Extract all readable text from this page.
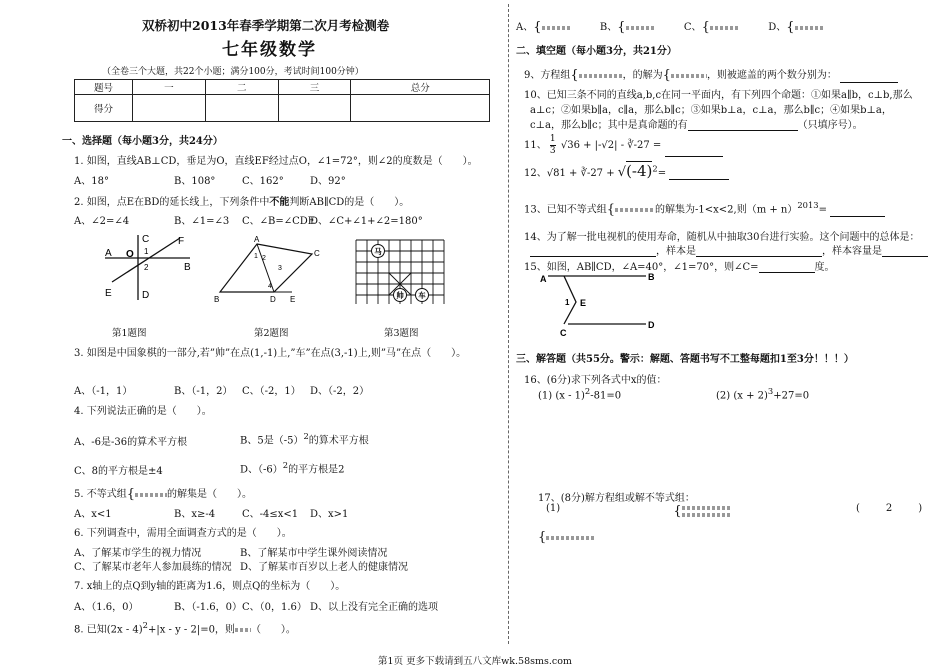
双桥初中2013年春季学期第二次月考检测卷
七年级数学
（全卷三个大题，共22个小题；满分100分，考试时间100分钟）
题号	一	二	三	总分
得分				
一、选择题（每小题3分，共24分）
1. 如图，直线AB⊥CD，垂足为O，直线EF经过点O，∠1=72°，则∠2的度数是（　　）。
A、18°	B、108°	C、162°	D、92°
2. 如图，点E在BD的延长线上，下列条件中不能判断AB∥CD的是（　　）。
A、∠2=∠4	B、∠1=∠3 C、∠B=∠CDE
D、∠C+∠1+∠2=180°
A
B
C
D
E
F
O 1
2
第1题图
A
B
C
D E
1 2
3
4
第2题图
马
帅 车
第3题图
3. 如图是中国象棋的一部分,若”帅”在点(1,-1)上,”车”在点(3,-1)上,则”马”在点（　　）。
A、（-1，1）	B、（-1，2） C、（-2，1） D、（-2，2）
4. 下列说法正确的是（　　）。
A、-6是-36的算术平方根	B、5是$(-5)^2$的算术平方根
C、8的平方根是±4	D、$(-6)^2$的平方根是2
5. 不等式组{	的解集是（　　）。
A、x<1	B、x≥-4	C、-4≤x<1 D、x>1
6. 下列调查中，需用全面调查方式的是（　　）。
A、了解某市学生的视力情况	B、了解某市中学生课外阅读情况
C、了解某市老年人参加晨练的情况 D、了解某市百岁以上老人的健康情况
7. x轴上的点Q到y轴的距离为1.6，则点Q的坐标为（　　）。
A、（1.6，0）	B、（-1.6，0） C、（0，1.6） D、以上没有完全正确的选项
8. 已知(2x - 4)$^2$+|x - y - 2|=0，则 （　　）。
A、{	B、{	C、{	D、{
二、填空题（每小题3分，共21分）
9、方程组{	，的解为{	，则被遮盖的两个数分别为：
10、已知三条不同的直线a,b,c在同一平面内，有下列四个命题：①如果a∥b，c⊥b,那么
a⊥c；②如果b∥a，c∥a，那么b∥c；③如果b⊥a，c⊥a，那么b∥c；④如果b⊥a，
c⊥a，那么b∥c；其中是真命题的有	（只填序号）。
11、 $\frac{1}{3} √36 + |-√2|$ - ∛-27 =
12、√81 + ∛-27 + $√(-4)^2=$
13、已知不等式组{	的解集为-1<x<2,则$(m + n)^{2013}=$
14、为了解一批电视机的使用寿命，随机从中抽取30台进行实验。这个问题中的总体是：
，样本是	，样本容量是
15、如图，AB∥CD，∠A=40°，∠1=70°，则∠C=	度。
A	B
C
D
E
1
三、解答题（共55分。警示：解题、答题书写不工整每题扣1至3分！！！）
16、(6分)求下列各式中x的值：
(1) (x - 1)$^2$-81=0	(2) $(x + 2)^3+27=0$
17、(8分)解方程组或解不等式组：
(1)	{	(	2	)
{
第1页 更多下载请到五八文库wk.58sms.com
